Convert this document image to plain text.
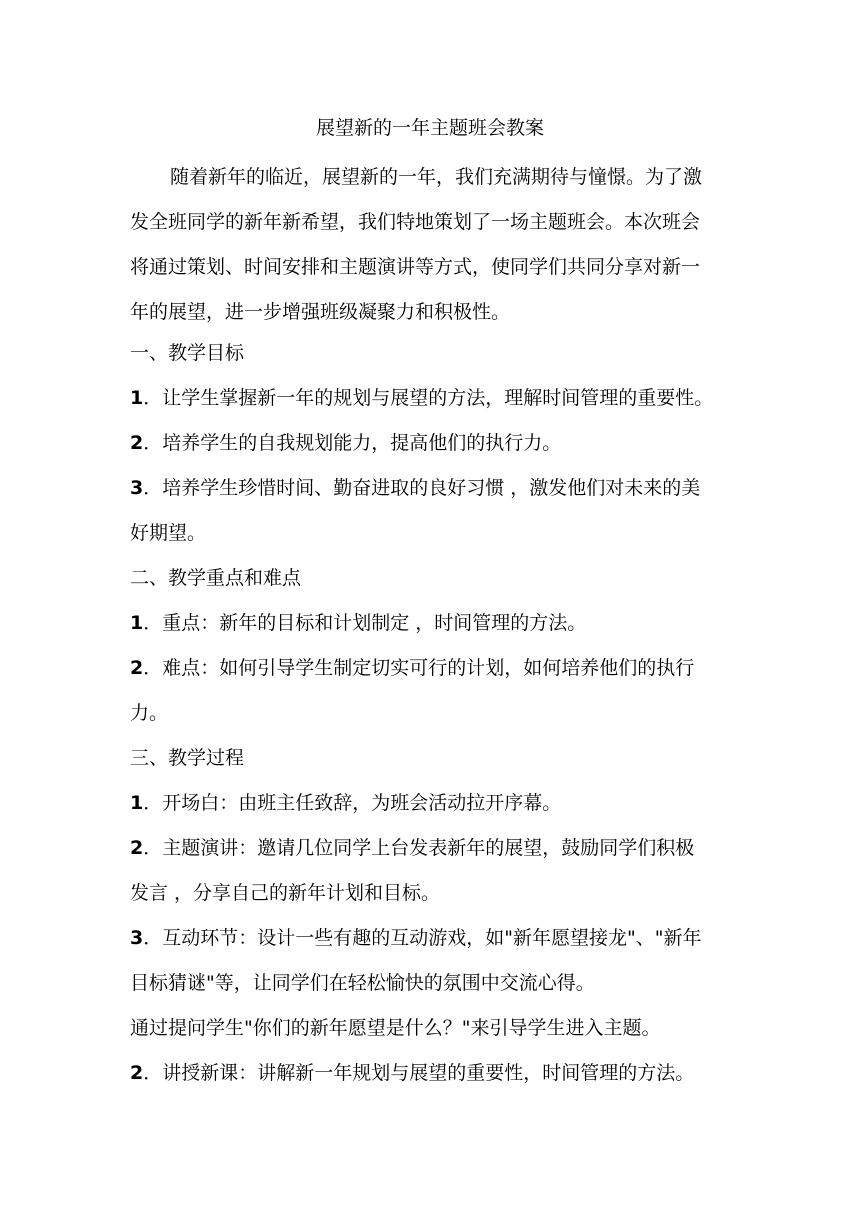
展望新的一年主题班会教案
随着新年的临近，展望新的一年，我们充满期待与憧憬。为了激
发全班同学的新年新希望，我们特地策划了一场主题班会。本次班会
将通过策划、时间安排和主题演讲等方式，使同学们共同分享对新一
年的展望，进一步增强班级凝聚力和积极性。
一、教学目标
1．让学生掌握新一年的规划与展望的方法，理解时间管理的重要性。
2．培养学生的自我规划能力，提高他们的执行力。
3．培养学生珍惜时间、勤奋进取的良好习惯 ，激发他们对未来的美
好期望。
二、教学重点和难点
1．重点：新年的目标和计划制定 ，时间管理的方法。
2．难点：如何引导学生制定切实可行的计划，如何培养他们的执行
力。
三、教学过程
1．开场白：由班主任致辞，为班会活动拉开序幕。
2．主题演讲：邀请几位同学上台发表新年的展望，鼓励同学们积极
发言 ，分享自己的新年计划和目标。
3．互动环节：设计一些有趣的互动游戏，如"新年愿望接龙"、"新年
目标猜谜"等，让同学们在轻松愉快的氛围中交流心得。
通过提问学生"你们的新年愿望是什么？"来引导学生进入主题。
2．讲授新课：讲解新一年规划与展望的重要性，时间管理的方法。
